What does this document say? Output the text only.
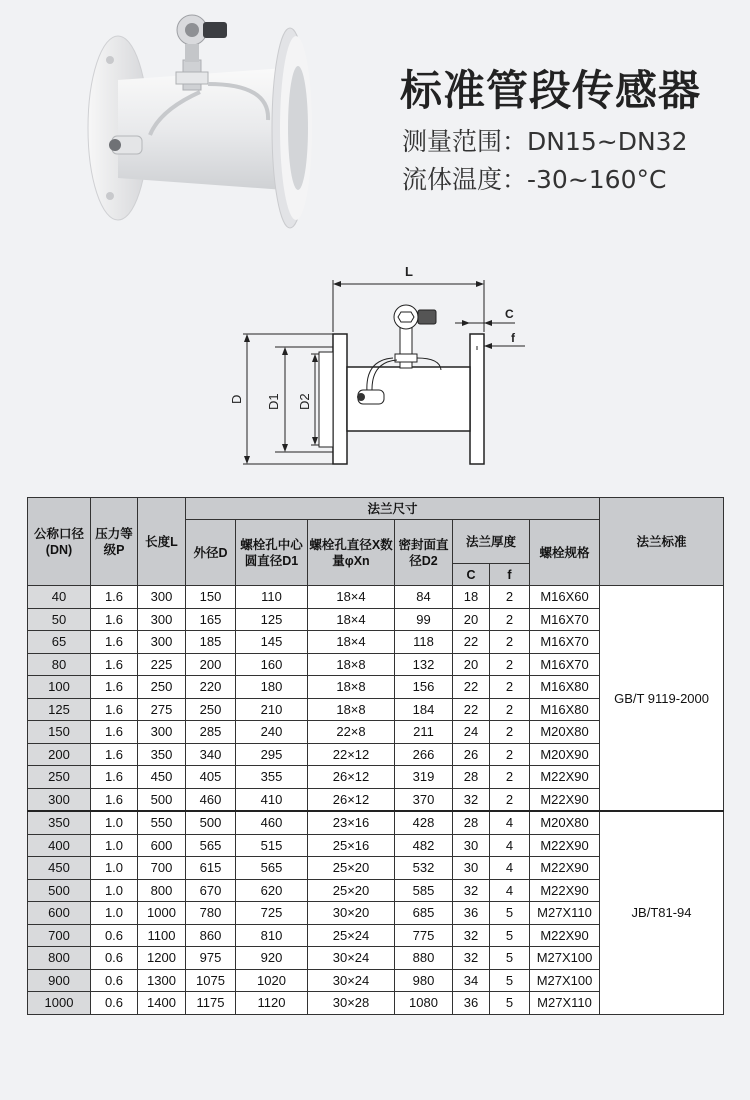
标准管段传感器
测量范围：DN15~DN32
流体温度：-30~160°C
L
C
f
D D1 D2
公称口径(DN)	压力等级P	长度L	法兰尺寸							法兰标准
			外径D	螺栓孔中心圆直径D1	螺栓孔直径X数量φXn	密封面直径D2	法兰厚度		螺栓规格	
							C	f		
40	1.6	300	150	110	18×4	84	18	2	M16X60	GB/T 9119-2000
50	1.6	300	165	125	18×4	99	20	2	M16X70	
65	1.6	300	185	145	18×4	118	22	2	M16X70	
80	1.6	225	200	160	18×8	132	20	2	M16X70	
100	1.6	250	220	180	18×8	156	22	2	M16X80	
125	1.6	275	250	210	18×8	184	22	2	M16X80	
150	1.6	300	285	240	22×8	211	24	2	M20X80	
200	1.6	350	340	295	22×12	266	26	2	M20X90	
250	1.6	450	405	355	26×12	319	28	2	M22X90	
300	1.6	500	460	410	26×12	370	32	2	M22X90	
350	1.0	550	500	460	23×16	428	28	4	M20X80	JB/T81-94
400	1.0	600	565	515	25×16	482	30	4	M22X90	
450	1.0	700	615	565	25×20	532	30	4	M22X90	
500	1.0	800	670	620	25×20	585	32	4	M22X90	
600	1.0	1000	780	725	30×20	685	36	5	M27X110	
700	0.6	1100	860	810	25×24	775	32	5	M22X90	
800	0.6	1200	975	920	30×24	880	32	5	M27X100	
900	0.6	1300	1075	1020	30×24	980	34	5	M27X100	
1000	0.6	1400	1175	1120	30×28	1080	36	5	M27X110	
